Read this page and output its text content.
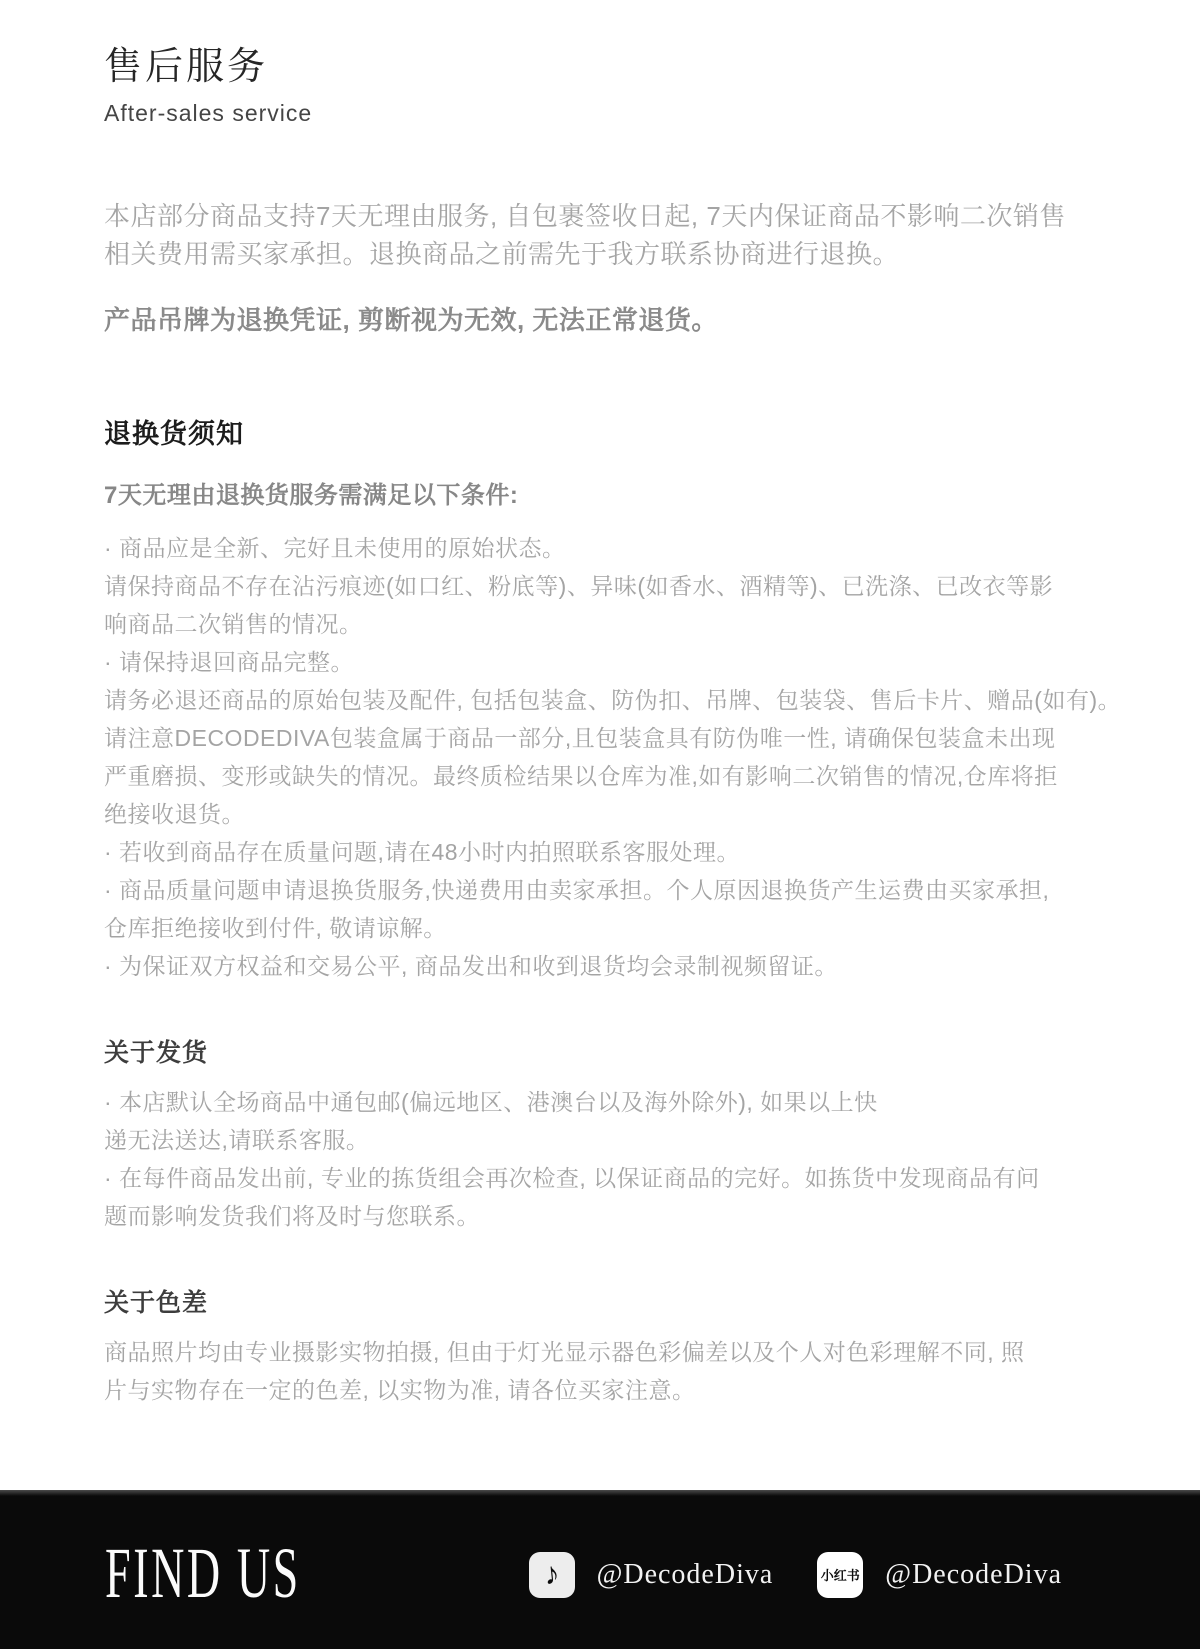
售后服务
After-sales service
本店部分商品支持7天无理由服务, 自包裹签收日起, 7天内保证商品不影响二次销售
相关费用需买家承担。退换商品之前需先于我方联系协商进行退换。
产品吊牌为退换凭证, 剪断视为无效, 无法正常退货。
退换货须知
7天无理由退换货服务需满足以下条件:
· 商品应是全新、完好且未使用的原始状态。
请保持商品不存在沾污痕迹(如口红、粉底等)、异味(如香水、酒精等)、已洗涤、已改衣等影
响商品二次销售的情况。
· 请保持退回商品完整。
请务必退还商品的原始包装及配件, 包括包装盒、防伪扣、吊牌、包装袋、售后卡片、赠品(如有)。
请注意DECODEDIVA包装盒属于商品一部分,且包装盒具有防伪唯一性, 请确保包装盒未出现
严重磨损、变形或缺失的情况。最终质检结果以仓库为准,如有影响二次销售的情况,仓库将拒
绝接收退货。
· 若收到商品存在质量问题,请在48小时内拍照联系客服处理。
· 商品质量问题申请退换货服务,快递费用由卖家承担。个人原因退换货产生运费由买家承担,
仓库拒绝接收到付件, 敬请谅解。
· 为保证双方权益和交易公平, 商品发出和收到退货均会录制视频留证。
关于发货
· 本店默认全场商品中通包邮(偏远地区、港澳台以及海外除外), 如果以上快
递无法送达,请联系客服。
· 在每件商品发出前, 专业的拣货组会再次检查, 以保证商品的完好。如拣货中发现商品有问
题而影响发货我们将及时与您联系。
关于色差
商品照片均由专业摄影实物拍摄, 但由于灯光显示器色彩偏差以及个人对色彩理解不同, 照
片与实物存在一定的色差, 以实物为准, 请各位买家注意。
FIND US	♪ @DecodeDiva	小红书 @DecodeDiva
